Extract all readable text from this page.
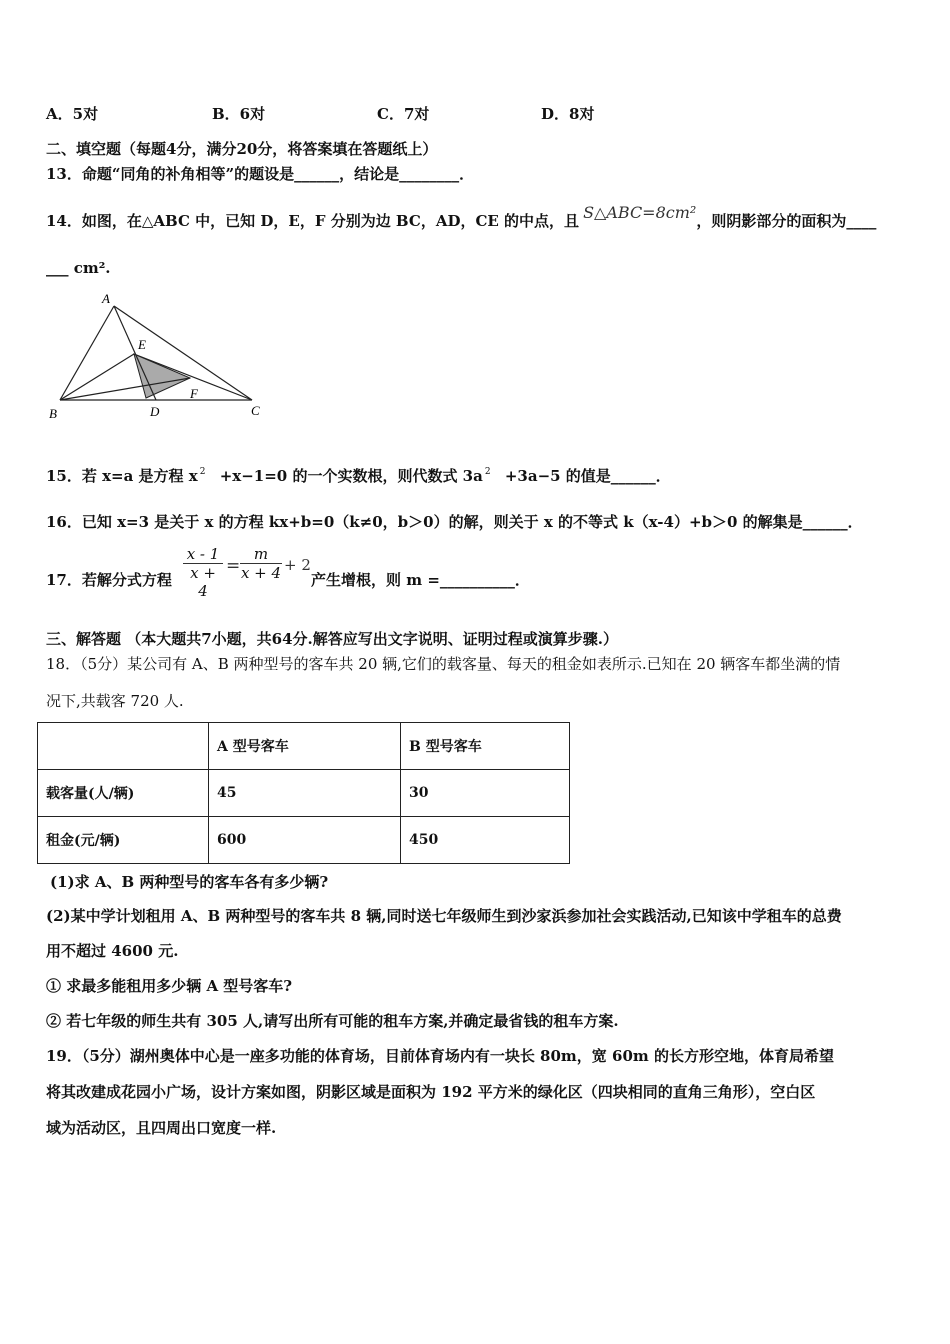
A．5对	B．6对	C．7对	D．8对
二、填空题（每题4分，满分20分，将答案填在答题纸上）
13．命题“同角的补角相等”的题设是______，结论是________．
14．如图，在△ABC 中，已知 D，E，F 分别为边 BC，AD，CE 的中点，且 S△ABC=8cm²，则阴影部分的面积为____
___ cm².
A
B	C
D
E
F
15．若 x=a 是方程 x 2 +x−1=0 的一个实数根，则代数式 3a 2 +3a−5 的值是______．
16．已知 x=3 是关于 x 的方程 kx+b=0（k≠0，b＞0）的解，则关于 x 的不等式 k（x-4）+b＞0 的解集是______．
17．若解分式方程 $\frac{x - 1}{x + 4} = \frac{m}{x + 4} + 2$
产生增根，则 m =__________．
三、解答题 （本大题共7小题，共64分.解答应写出文字说明、证明过程或演算步骤.）
18．（5分）某公司有 A、B 两种型号的客车共 20 辆,它们的载客量、每天的租金如表所示.已知在 20 辆客车都坐满的情
况下,共载客 720 人.
	A 型号客车	B 型号客车
载客量(人/辆)	45	30
租金(元/辆)	600	450
(1)求 A、B 两种型号的客车各有多少辆?
(2)某中学计划租用 A、B 两种型号的客车共 8 辆,同时送七年级师生到沙家浜参加社会实践活动,已知该中学租车的总费
用不超过 4600 元.
① 求最多能租用多少辆 A 型号客车?
② 若七年级的师生共有 305 人,请写出所有可能的租车方案,并确定最省钱的租车方案.
19．（5分）湖州奥体中心是一座多功能的体育场，目前体育场内有一块长 80m，宽 60m 的长方形空地，体育局希望
将其改建成花园小广场，设计方案如图，阴影区域是面积为 192 平方米的绿化区（四块相同的直角三角形），空白区
域为活动区，且四周出口宽度一样.
